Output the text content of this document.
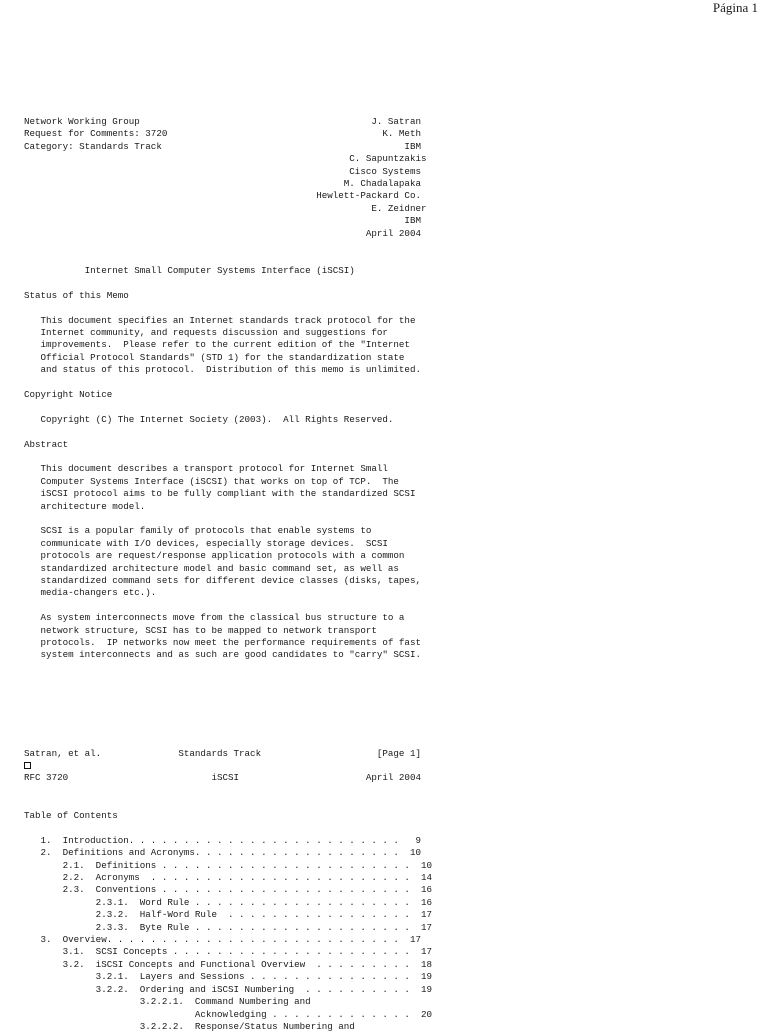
Página 1
Network Working Group                                          J. Satran
Request for Comments: 3720                                       K. Meth
Category: Standards Track                                            IBM
C. Sapuntzakis
Cisco Systems
M. Chadalapaka
Hewlett-Packard Co.
E. Zeidner
IBM
April 2004

Internet Small Computer Systems Interface (iSCSI)

Status of this Memo

This document specifies an Internet standards track protocol for the
Internet community, and requests discussion and suggestions for
improvements.  Please refer to the current edition of the "Internet
Official Protocol Standards" (STD 1) for the standardization state
and status of this protocol.  Distribution of this memo is unlimited.

Copyright Notice

Copyright (C) The Internet Society (2003).  All Rights Reserved.

Abstract

This document describes a transport protocol for Internet Small
Computer Systems Interface (iSCSI) that works on top of TCP.  The
iSCSI protocol aims to be fully compliant with the standardized SCSI
architecture model.

SCSI is a popular family of protocols that enable systems to
communicate with I/O devices, especially storage devices.  SCSI
protocols are request/response application protocols with a common
standardized architecture model and basic command set, as well as
standardized command sets for different device classes (disks, tapes,
media-changers etc.).

As system interconnects move from the classical bus structure to a
network structure, SCSI has to be mapped to network transport
protocols.  IP networks now meet the performance requirements of fast
system interconnects and as such are good candidates to "carry" SCSI.
Satran, et al.              Standards Track                     [Page 1]
RFC 3720                          iSCSI                       April 2004
Table of Contents

1.  Introduction. . . . . . . . . . . . . . . . . . . . . . . . .   9
2.  Definitions and Acronyms. . . . . . . . . . . . . . . . . . .  10
2.1.  Definitions . . . . . . . . . . . . . . . . . . . . . . .  10
2.2.  Acronyms  . . . . . . . . . . . . . . . . . . . . . . . .  14
2.3.  Conventions . . . . . . . . . . . . . . . . . . . . . . .  16
2.3.1.  Word Rule . . . . . . . . . . . . . . . . . . . .  16
2.3.2.  Half-Word Rule  . . . . . . . . . . . . . . . . .  17
2.3.3.  Byte Rule . . . . . . . . . . . . . . . . . . . .  17
3.  Overview. . . . . . . . . . . . . . . . . . . . . . . . . . .  17
3.1.  SCSI Concepts . . . . . . . . . . . . . . . . . . . . . .  17
3.2.  iSCSI Concepts and Functional Overview  . . . . . . . . .  18
3.2.1.  Layers and Sessions . . . . . . . . . . . . . . .  19
3.2.2.  Ordering and iSCSI Numbering  . . . . . . . . . .  19
3.2.2.1.  Command Numbering and
Acknowledging . . . . . . . . . . . . .  20
3.2.2.2.  Response/Status Numbering and
